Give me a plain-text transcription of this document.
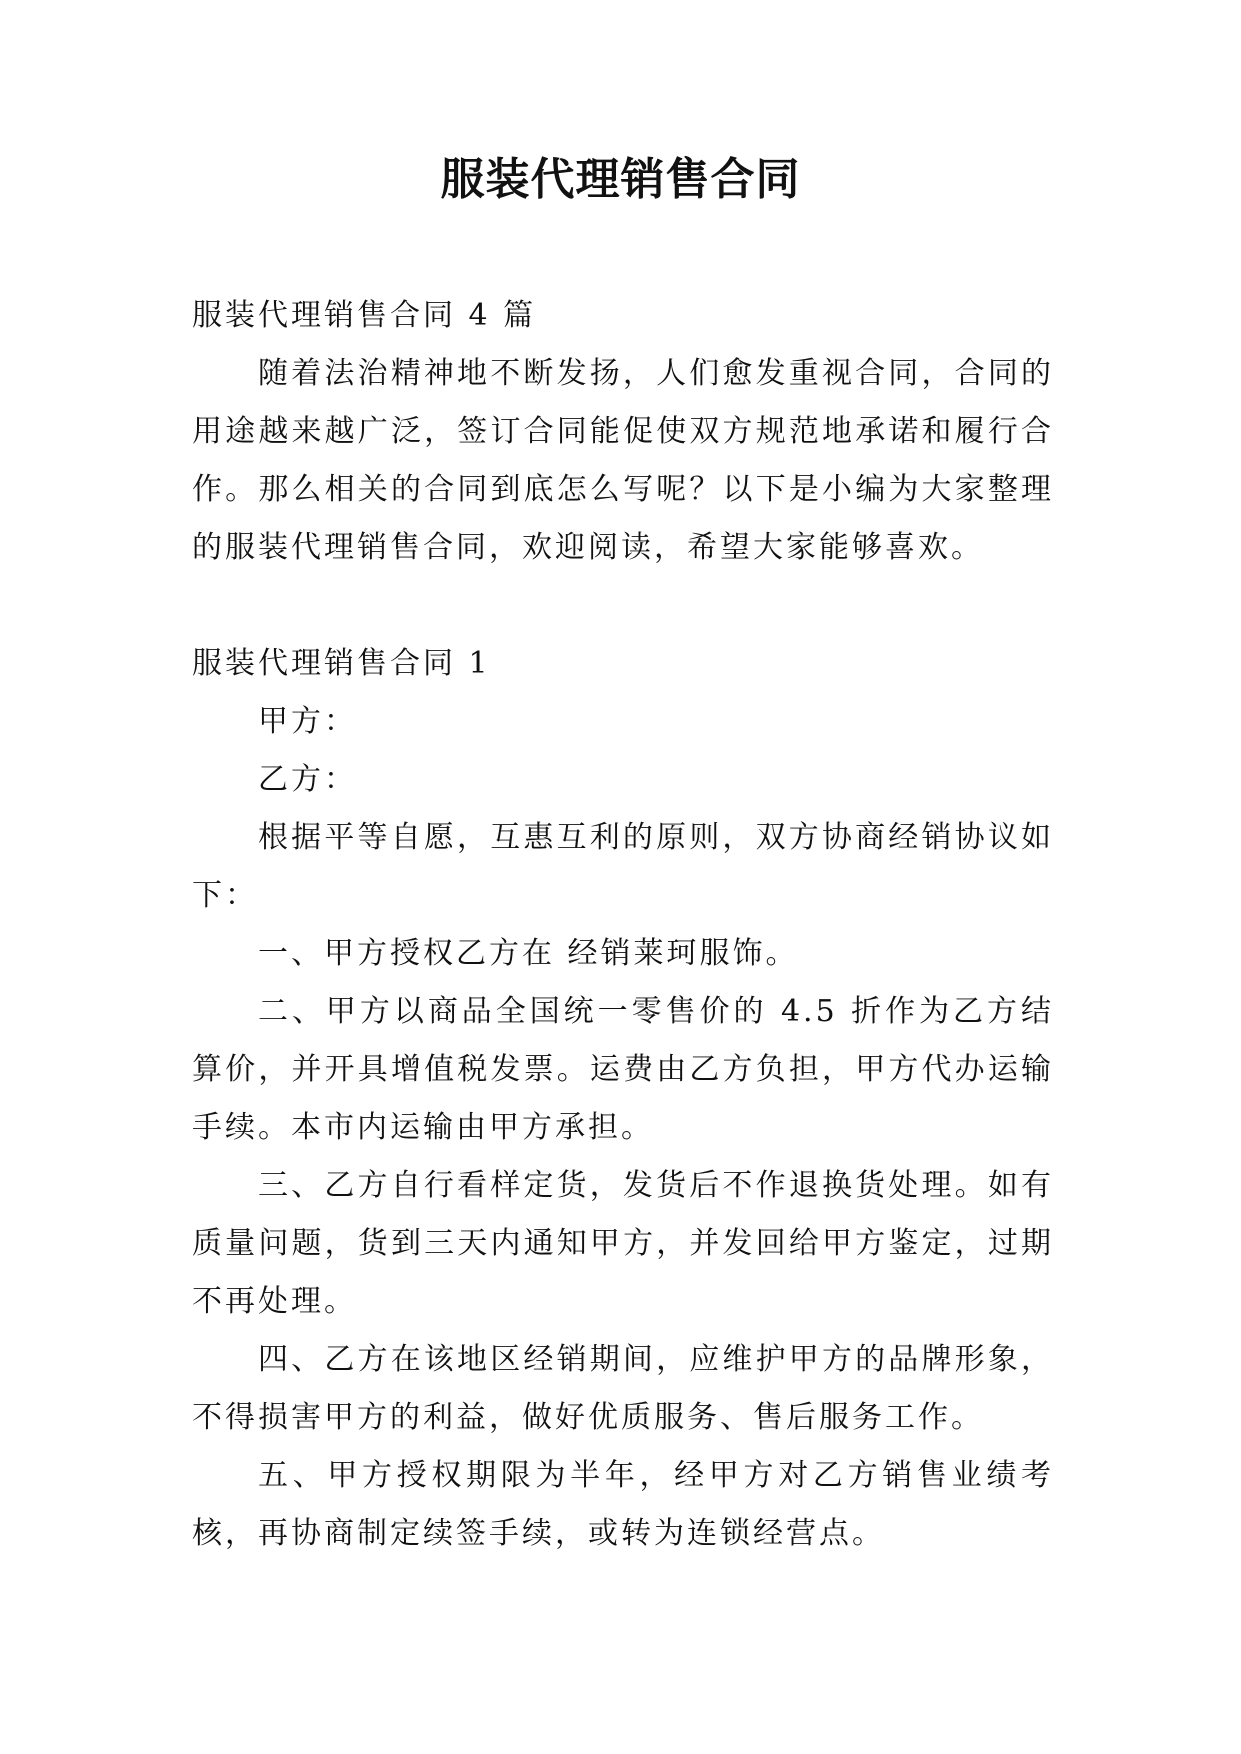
服装代理销售合同

服装代理销售合同 4 篇

随着法治精神地不断发扬，人们愈发重视合同，合同的用途越来越广泛，签订合同能促使双方规范地承诺和履行合作。那么相关的合同到底怎么写呢？以下是小编为大家整理的服装代理销售合同，欢迎阅读，希望大家能够喜欢。

服装代理销售合同 1

甲方：

乙方：

根据平等自愿，互惠互利的原则，双方协商经销协议如下：

一、甲方授权乙方在 经销莱珂服饰。

二、甲方以商品全国统一零售价的 4.5 折作为乙方结算价，并开具增值税发票。运费由乙方负担，甲方代办运输手续。本市内运输由甲方承担。

三、乙方自行看样定货，发货后不作退换货处理。如有质量问题，货到三天内通知甲方，并发回给甲方鉴定，过期不再处理。

四、乙方在该地区经销期间，应维护甲方的品牌形象，不得损害甲方的利益，做好优质服务、售后服务工作。

五、甲方授权期限为半年，经甲方对乙方销售业绩考核，再协商制定续签手续，或转为连锁经营点。
